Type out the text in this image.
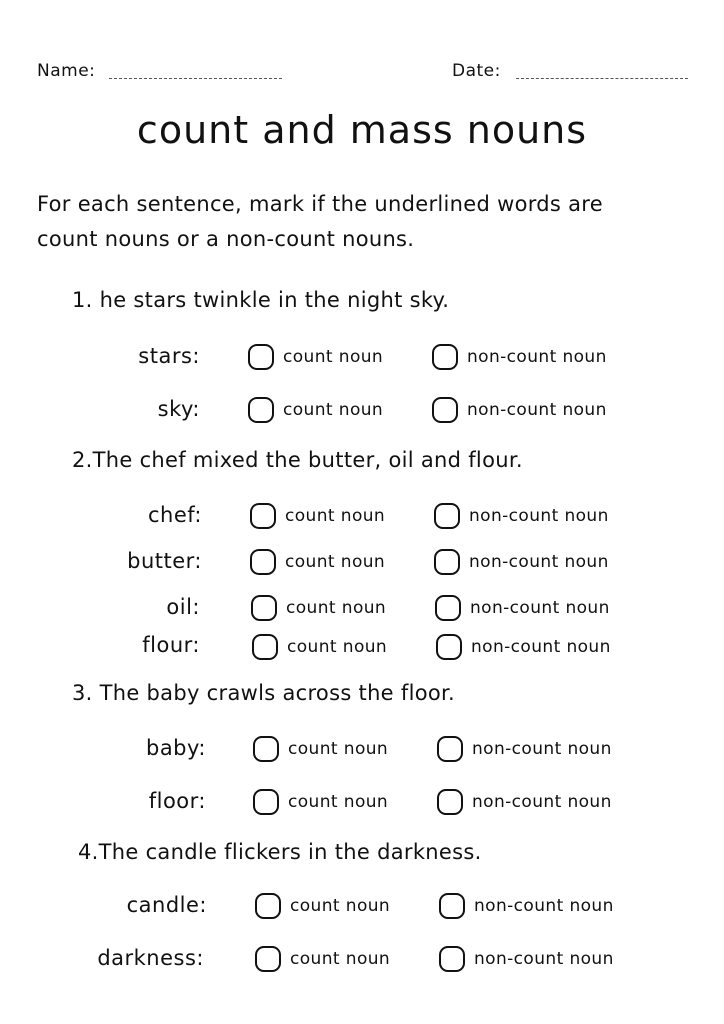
Name:	Date:
count and mass nouns
For each sentence, mark if the underlined words are
count nouns or a non-count nouns.
1. he stars twinkle in the night sky.
stars:	count noun	non-count noun
sky:	count noun	non-count noun
2.The chef mixed the butter, oil and flour.
chef:	count noun	non-count noun
butter:	count noun	non-count noun
oil:	count noun	non-count noun
flour:	count noun	non-count noun
3. The baby crawls across the floor.
baby:	count noun	non-count noun
floor:	count noun	non-count noun
4.The candle flickers in the darkness.
candle:	count noun	non-count noun
darkness:	count noun	non-count noun
